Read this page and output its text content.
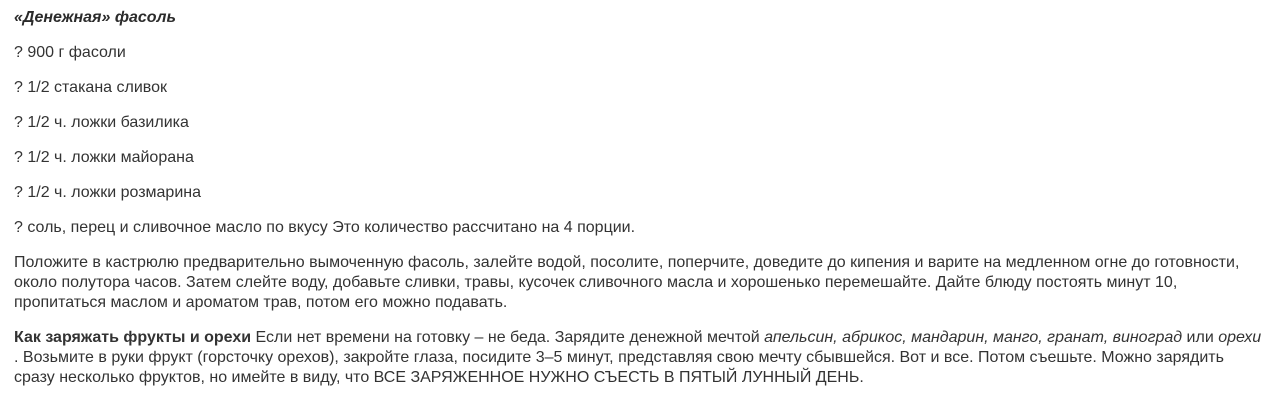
«Денежная» фасоль

? 900 г фасоли

? 1/2 стакана сливок

? 1/2 ч. ложки базилика

? 1/2 ч. ложки майорана

? 1/2 ч. ложки розмарина

? соль, перец и сливочное масло по вкусу Это количество рассчитано на 4 порции.

Положите в кастрюлю предварительно вымоченную фасоль, залейте водой, посолите, поперчите, доведите до кипения и варите на медленном огне до готовности, около полутора часов. Затем слейте воду, добавьте сливки, травы, кусочек сливочного масла и хорошенько перемешайте. Дайте блюду постоять минут 10, пропитаться маслом и ароматом трав, потом его можно подавать.

Как заряжать фрукты и орехи Если нет времени на готовку – не беда. Зарядите денежной мечтой апельсин, абрикос, мандарин, манго, гранат, виноград или орехи . Возьмите в руки фрукт (горсточку орехов), закройте глаза, посидите 3–5 минут, представляя свою мечту сбывшейся. Вот и все. Потом съешьте. Можно зарядить сразу несколько фруктов, но имейте в виду, что ВСЕ ЗАРЯЖЕННОЕ НУЖНО СЪЕСТЬ В ПЯТЫЙ ЛУННЫЙ ДЕНЬ.
